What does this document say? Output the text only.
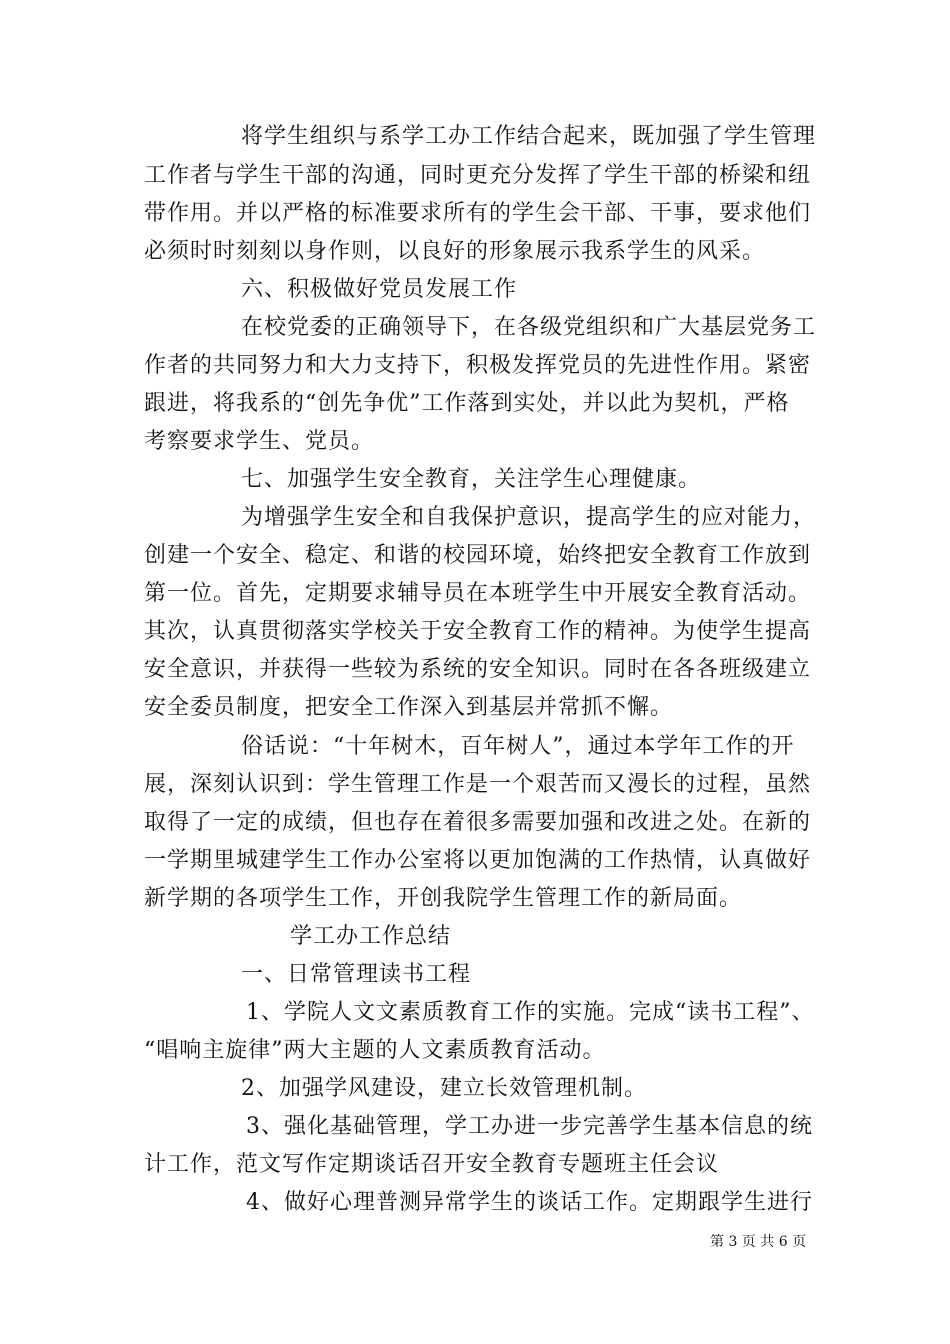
将学生组织与系学工办工作结合起来，既加强了学生管理
工作者与学生干部的沟通，同时更充分发挥了学生干部的桥梁和纽
带作用。并以严格的标准要求所有的学生会干部、干事，要求他们
必须时时刻刻以身作则，以良好的形象展示我系学生的风采。
六、积极做好党员发展工作
在校党委的正确领导下，在各级党组织和广大基层党务工
作者的共同努力和大力支持下，积极发挥党员的先进性作用。紧密
跟进，将我系的“创先争优”工作落到实处，并以此为契机，严格
考察要求学生、党员。
七、加强学生安全教育，关注学生心理健康。
为增强学生安全和自我保护意识，提高学生的应对能力，
创建一个安全、稳定、和谐的校园环境，始终把安全教育工作放到
第一位。首先，定期要求辅导员在本班学生中开展安全教育活动。
其次，认真贯彻落实学校关于安全教育工作的精神。为使学生提高
安全意识，并获得一些较为系统的安全知识。同时在各各班级建立
安全委员制度，把安全工作深入到基层并常抓不懈。
俗话说：“十年树木，百年树人”，通过本学年工作的开
展，深刻认识到：学生管理工作是一个艰苦而又漫长的过程，虽然
取得了一定的成绩，但也存在着很多需要加强和改进之处。在新的
一学期里城建学生工作办公室将以更加饱满的工作热情，认真做好
新学期的各项学生工作，开创我院学生管理工作的新局面。
学工办工作总结
一、日常管理读书工程
1、学院人文文素质教育工作的实施。完成“读书工程”、
“唱响主旋律”两大主题的人文素质教育活动。
2、加强学风建设，建立长效管理机制。
3、强化基础管理，学工办进一步完善学生基本信息的统
计工作，范文写作定期谈话召开安全教育专题班主任会议
4、做好心理普测异常学生的谈话工作。定期跟学生进行
第 3 页 共 6 页
